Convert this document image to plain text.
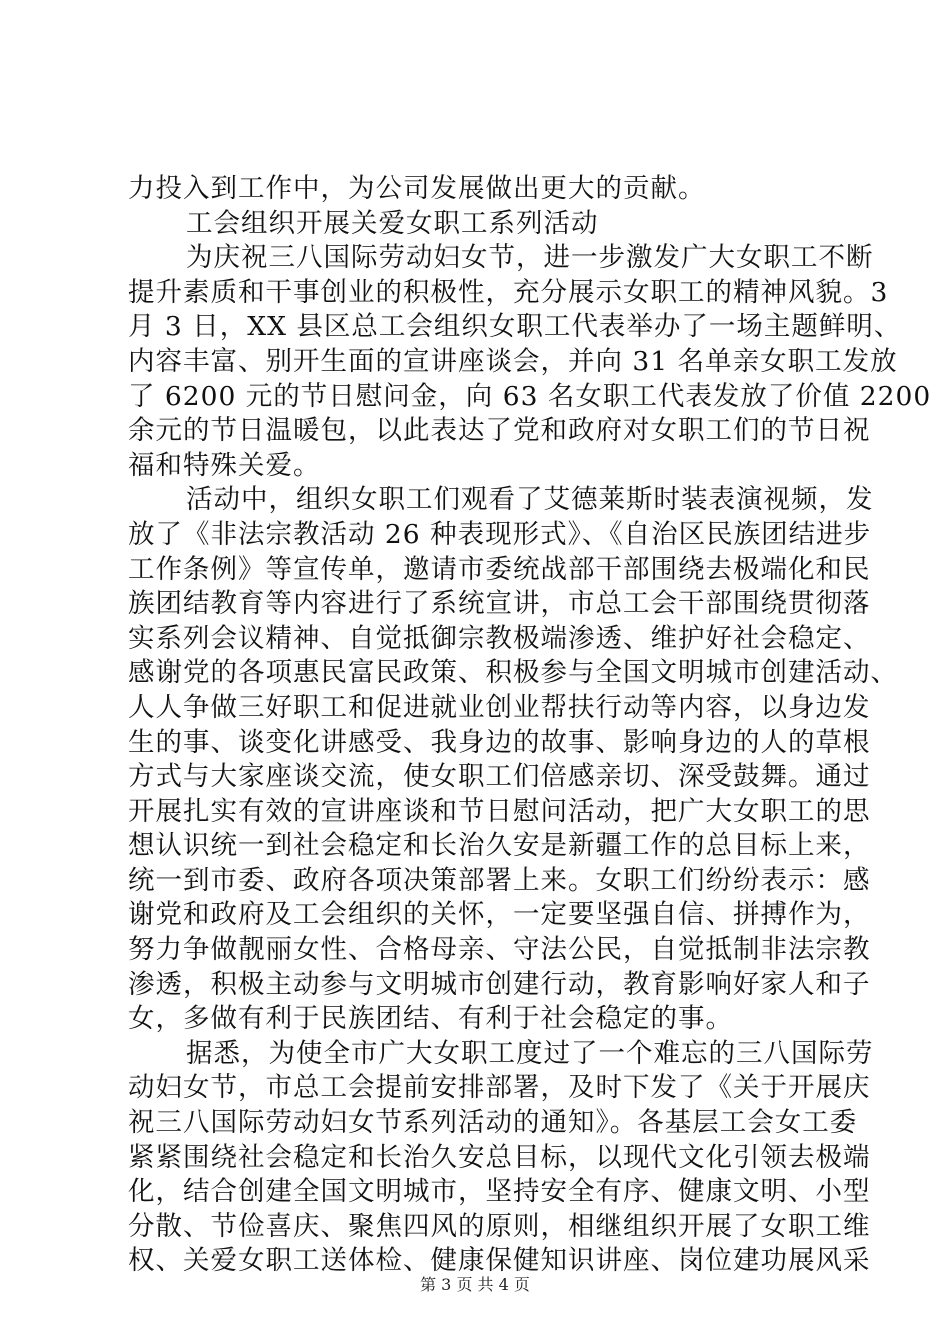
力投入到工作中，为公司发展做出更大的贡献。
工会组织开展关爱女职工系列活动
为庆祝三八国际劳动妇女节，进一步激发广大女职工不断
提升素质和干事创业的积极性，充分展示女职工的精神风貌。3
月 3 日，XX 县区总工会组织女职工代表举办了一场主题鲜明、
内容丰富、别开生面的宣讲座谈会，并向 31 名单亲女职工发放
了 6200 元的节日慰问金，向 63 名女职工代表发放了价值 2200
余元的节日温暖包，以此表达了党和政府对女职工们的节日祝
福和特殊关爱。
活动中，组织女职工们观看了艾德莱斯时装表演视频，发
放了《非法宗教活动 26 种表现形式》、《自治区民族团结进步
工作条例》等宣传单，邀请市委统战部干部围绕去极端化和民
族团结教育等内容进行了系统宣讲，市总工会干部围绕贯彻落
实系列会议精神、自觉抵御宗教极端渗透、维护好社会稳定、
感谢党的各项惠民富民政策、积极参与全国文明城市创建活动、
人人争做三好职工和促进就业创业帮扶行动等内容，以身边发
生的事、谈变化讲感受、我身边的故事、影响身边的人的草根
方式与大家座谈交流，使女职工们倍感亲切、深受鼓舞。通过
开展扎实有效的宣讲座谈和节日慰问活动，把广大女职工的思
想认识统一到社会稳定和长治久安是新疆工作的总目标上来，
统一到市委、政府各项决策部署上来。女职工们纷纷表示：感
谢党和政府及工会组织的关怀，一定要坚强自信、拼搏作为，
努力争做靓丽女性、合格母亲、守法公民，自觉抵制非法宗教
渗透，积极主动参与文明城市创建行动，教育影响好家人和子
女，多做有利于民族团结、有利于社会稳定的事。
据悉，为使全市广大女职工度过了一个难忘的三八国际劳
动妇女节，市总工会提前安排部署，及时下发了《关于开展庆
祝三八国际劳动妇女节系列活动的通知》。各基层工会女工委
紧紧围绕社会稳定和长治久安总目标，以现代文化引领去极端
化，结合创建全国文明城市，坚持安全有序、健康文明、小型
分散、节俭喜庆、聚焦四风的原则，相继组织开展了女职工维
权、关爱女职工送体检、健康保健知识讲座、岗位建功展风采
第 3 页 共 4 页
